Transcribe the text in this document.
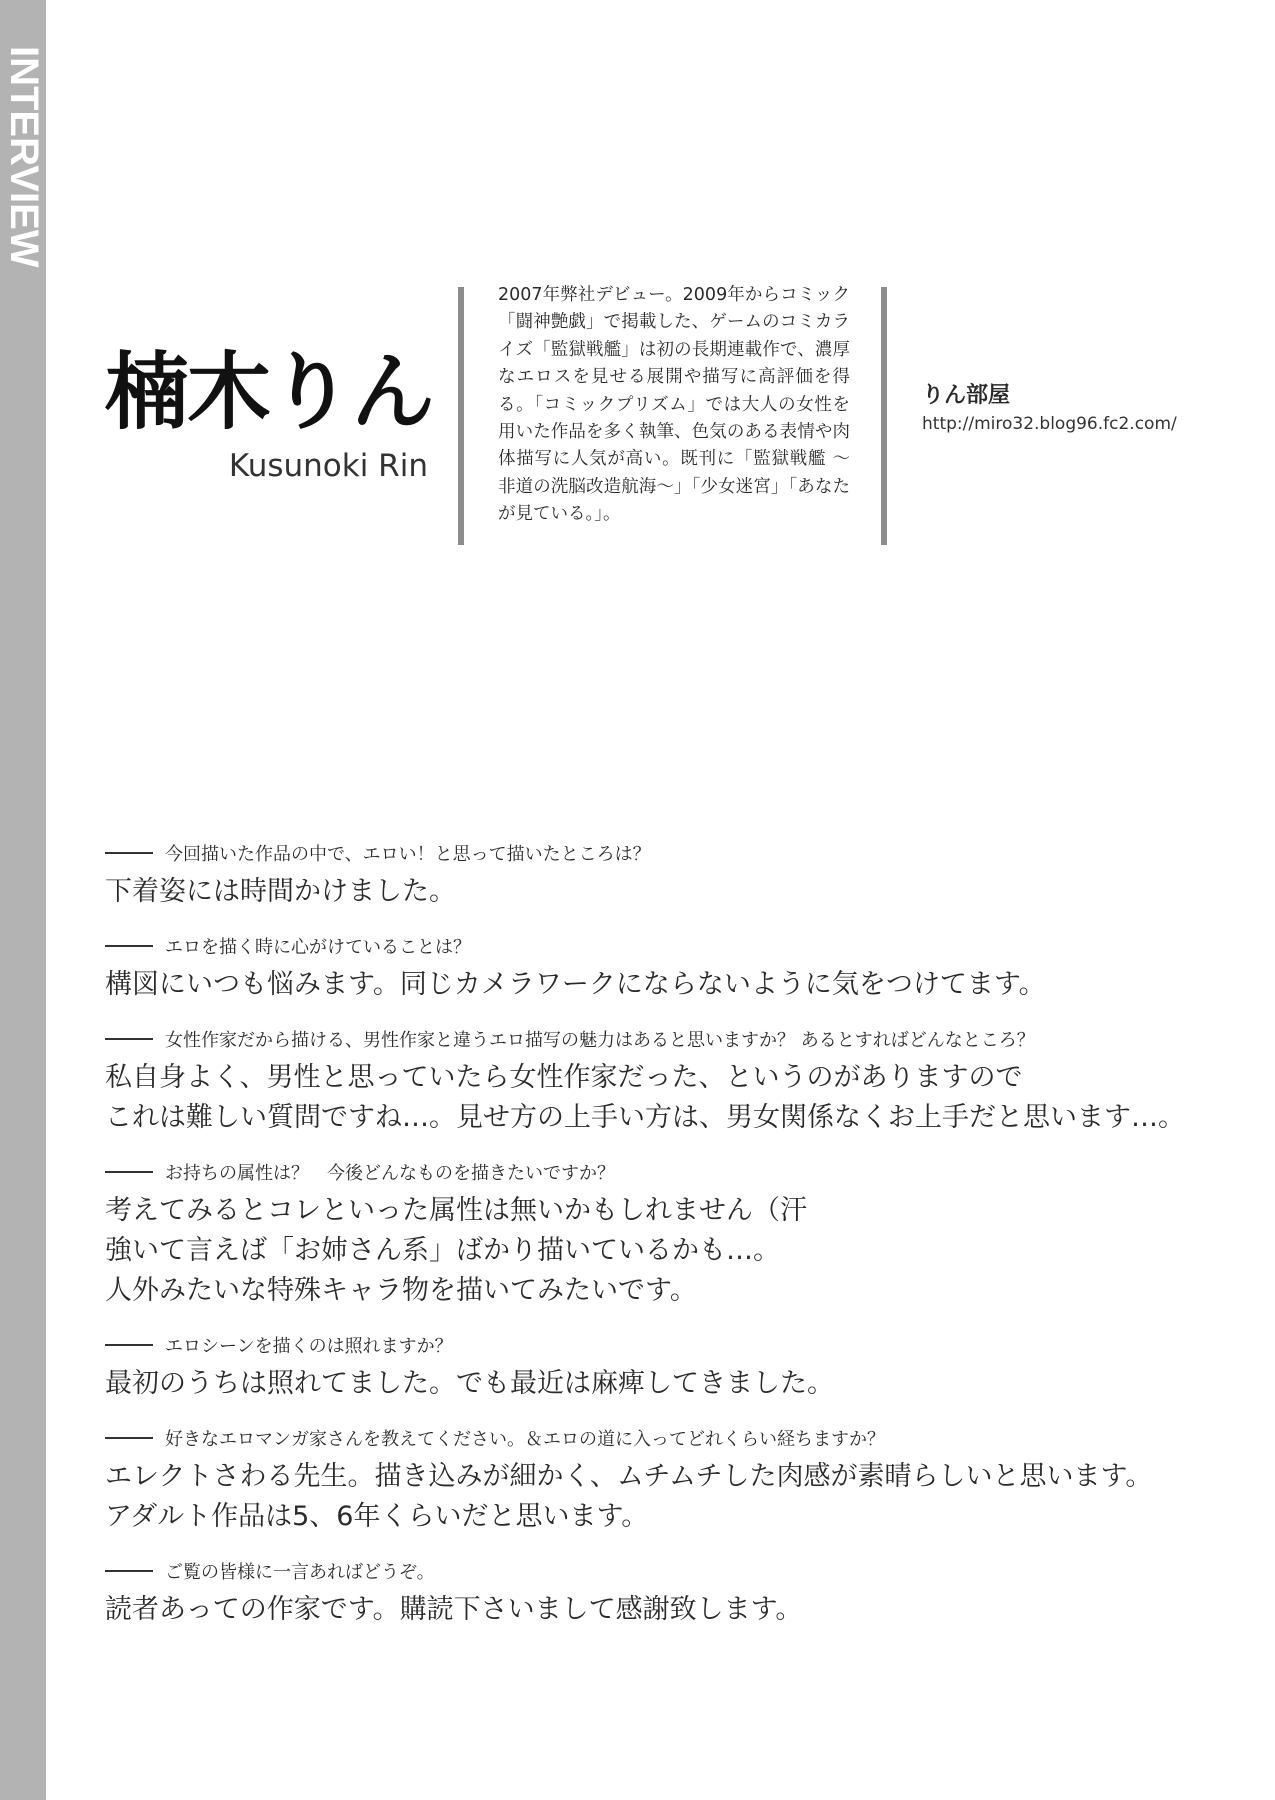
INTERVIEW
楠木りん
Kusunoki Rin
2007年弊社デビュー。2009年からコミック「闘神艶戯」で掲載した、ゲームのコミカライズ「監獄戦艦」は初の長期連載作で、濃厚なエロスを見せる展開や描写に高評価を得る。「コミックプリズム」では大人の女性を用いた作品を多く執筆、色気のある表情や肉体描写に人気が高い。既刊に「監獄戦艦 〜非道の洗脳改造航海〜」「少女迷宮」「あなたが見ている。」。
りん部屋
http://miro32.blog96.fc2.com/
今回描いた作品の中で、エロい！と思って描いたところは？
下着姿には時間かけました。
エロを描く時に心がけていることは？
構図にいつも悩みます。同じカメラワークにならないように気をつけてます。
女性作家だから描ける、男性作家と違うエロ描写の魅力はあると思いますか？ あるとすればどんなところ？
私自身よく、男性と思っていたら女性作家だった、というのがありますので
これは難しい質問ですね…。見せ方の上手い方は、男女関係なくお上手だと思います…。
お持ちの属性は？　今後どんなものを描きたいですか？
考えてみるとコレといった属性は無いかもしれません（汗
強いて言えば「お姉さん系」ばかり描いているかも…。
人外みたいな特殊キャラ物を描いてみたいです。
エロシーンを描くのは照れますか？
最初のうちは照れてました。でも最近は麻痺してきました。
好きなエロマンガ家さんを教えてください。＆エロの道に入ってどれくらい経ちますか？
エレクトさわる先生。描き込みが細かく、ムチムチした肉感が素晴らしいと思います。
アダルト作品は5、6年くらいだと思います。
ご覧の皆様に一言あればどうぞ。
読者あっての作家です。購読下さいまして感謝致します。
